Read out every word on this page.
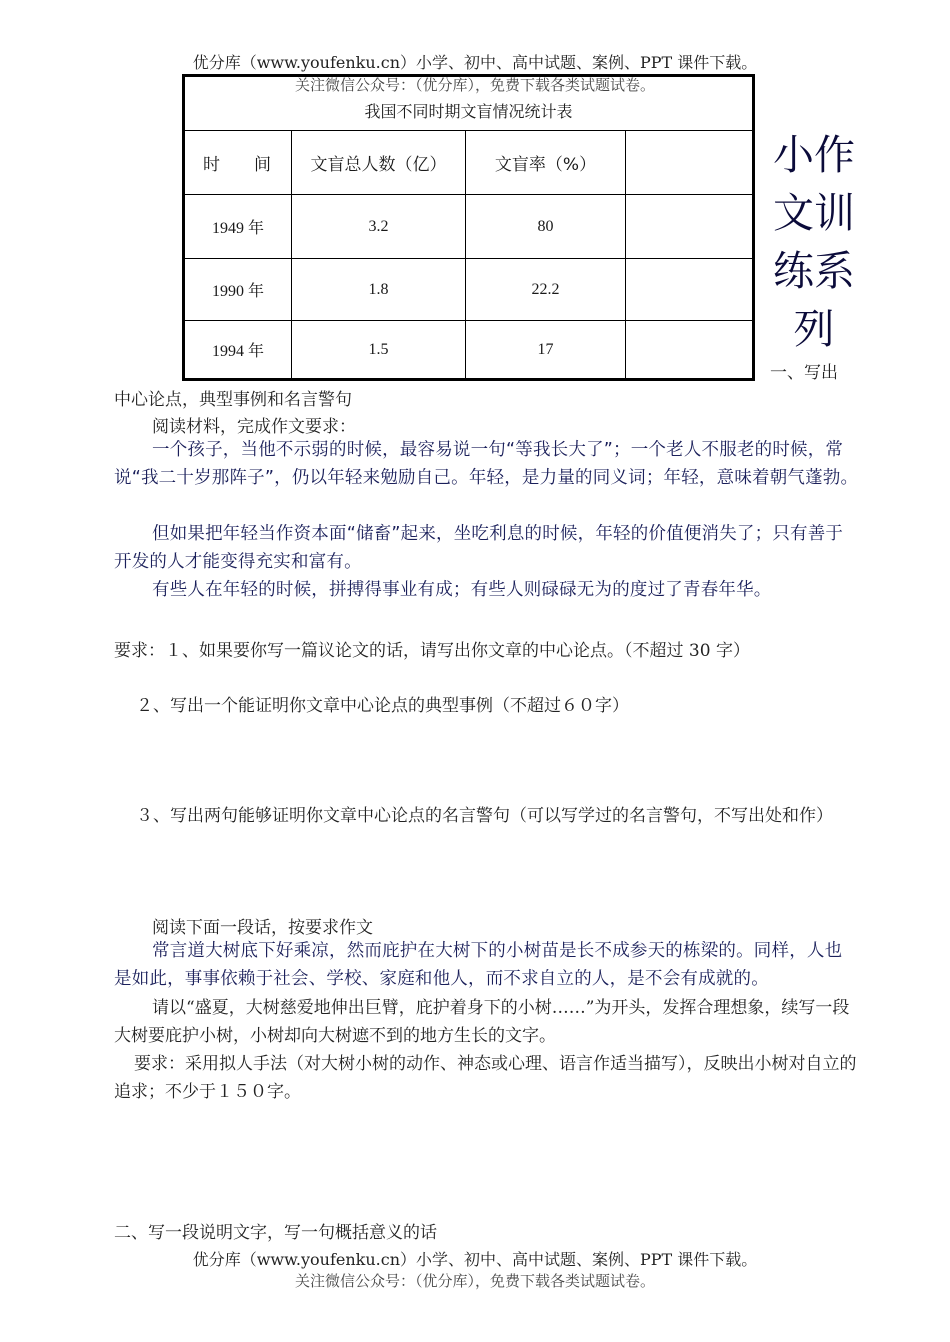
优分库（www.youfenku.cn）小学、初中、高中试题、案例、PPT 课件下载。
关注微信公众号：（优分库），免费下载各类试题试卷。
我国不同时期文盲情况统计表			
时　　间	文盲总人数（亿）	文盲率（%）	
1949 年	3.2	80	
1990 年	1.8	22.2	
1994 年	1.5	17	
小作
文训
练系
列
一、写出
中心论点，典型事例和名言警句
阅读材料，完成作文要求：
一个孩子，当他不示弱的时候，最容易说一句“等我长大了”；一个老人不服老的时候，常说“我二十岁那阵子”，仍以年轻来勉励自己。年轻，是力量的同义词；年轻，意味着朝气蓬勃。
但如果把年轻当作资本面“储畜”起来，坐吃利息的时候，年轻的价值便消失了；只有善于开发的人才能变得充实和富有。
有些人在年轻的时候，拼搏得事业有成；有些人则碌碌无为的度过了青春年华。
要求：１、如果要你写一篇议论文的话，请写出你文章的中心论点。（不超过 30 字）
２、写出一个能证明你文章中心论点的典型事例（不超过６０字）
３、写出两句能够证明你文章中心论点的名言警句（可以写学过的名言警句，不写出处和作）
阅读下面一段话，按要求作文
常言道大树底下好乘凉，然而庇护在大树下的小树苗是长不成参天的栋梁的。同样，人也是如此，事事依赖于社会、学校、家庭和他人，而不求自立的人，是不会有成就的。
请以“盛夏，大树慈爱地伸出巨臂，庇护着身下的小树……”为开头，发挥合理想象，续写一段大树要庇护小树，小树却向大树遮不到的地方生长的文字。
要求：采用拟人手法（对大树小树的动作、神态或心理、语言作适当描写），反映出小树对自立的追求；不少于１５０字。
二、写一段说明文字，写一句概括意义的话
优分库（www.youfenku.cn）小学、初中、高中试题、案例、PPT 课件下载。
关注微信公众号：（优分库），免费下载各类试题试卷。
